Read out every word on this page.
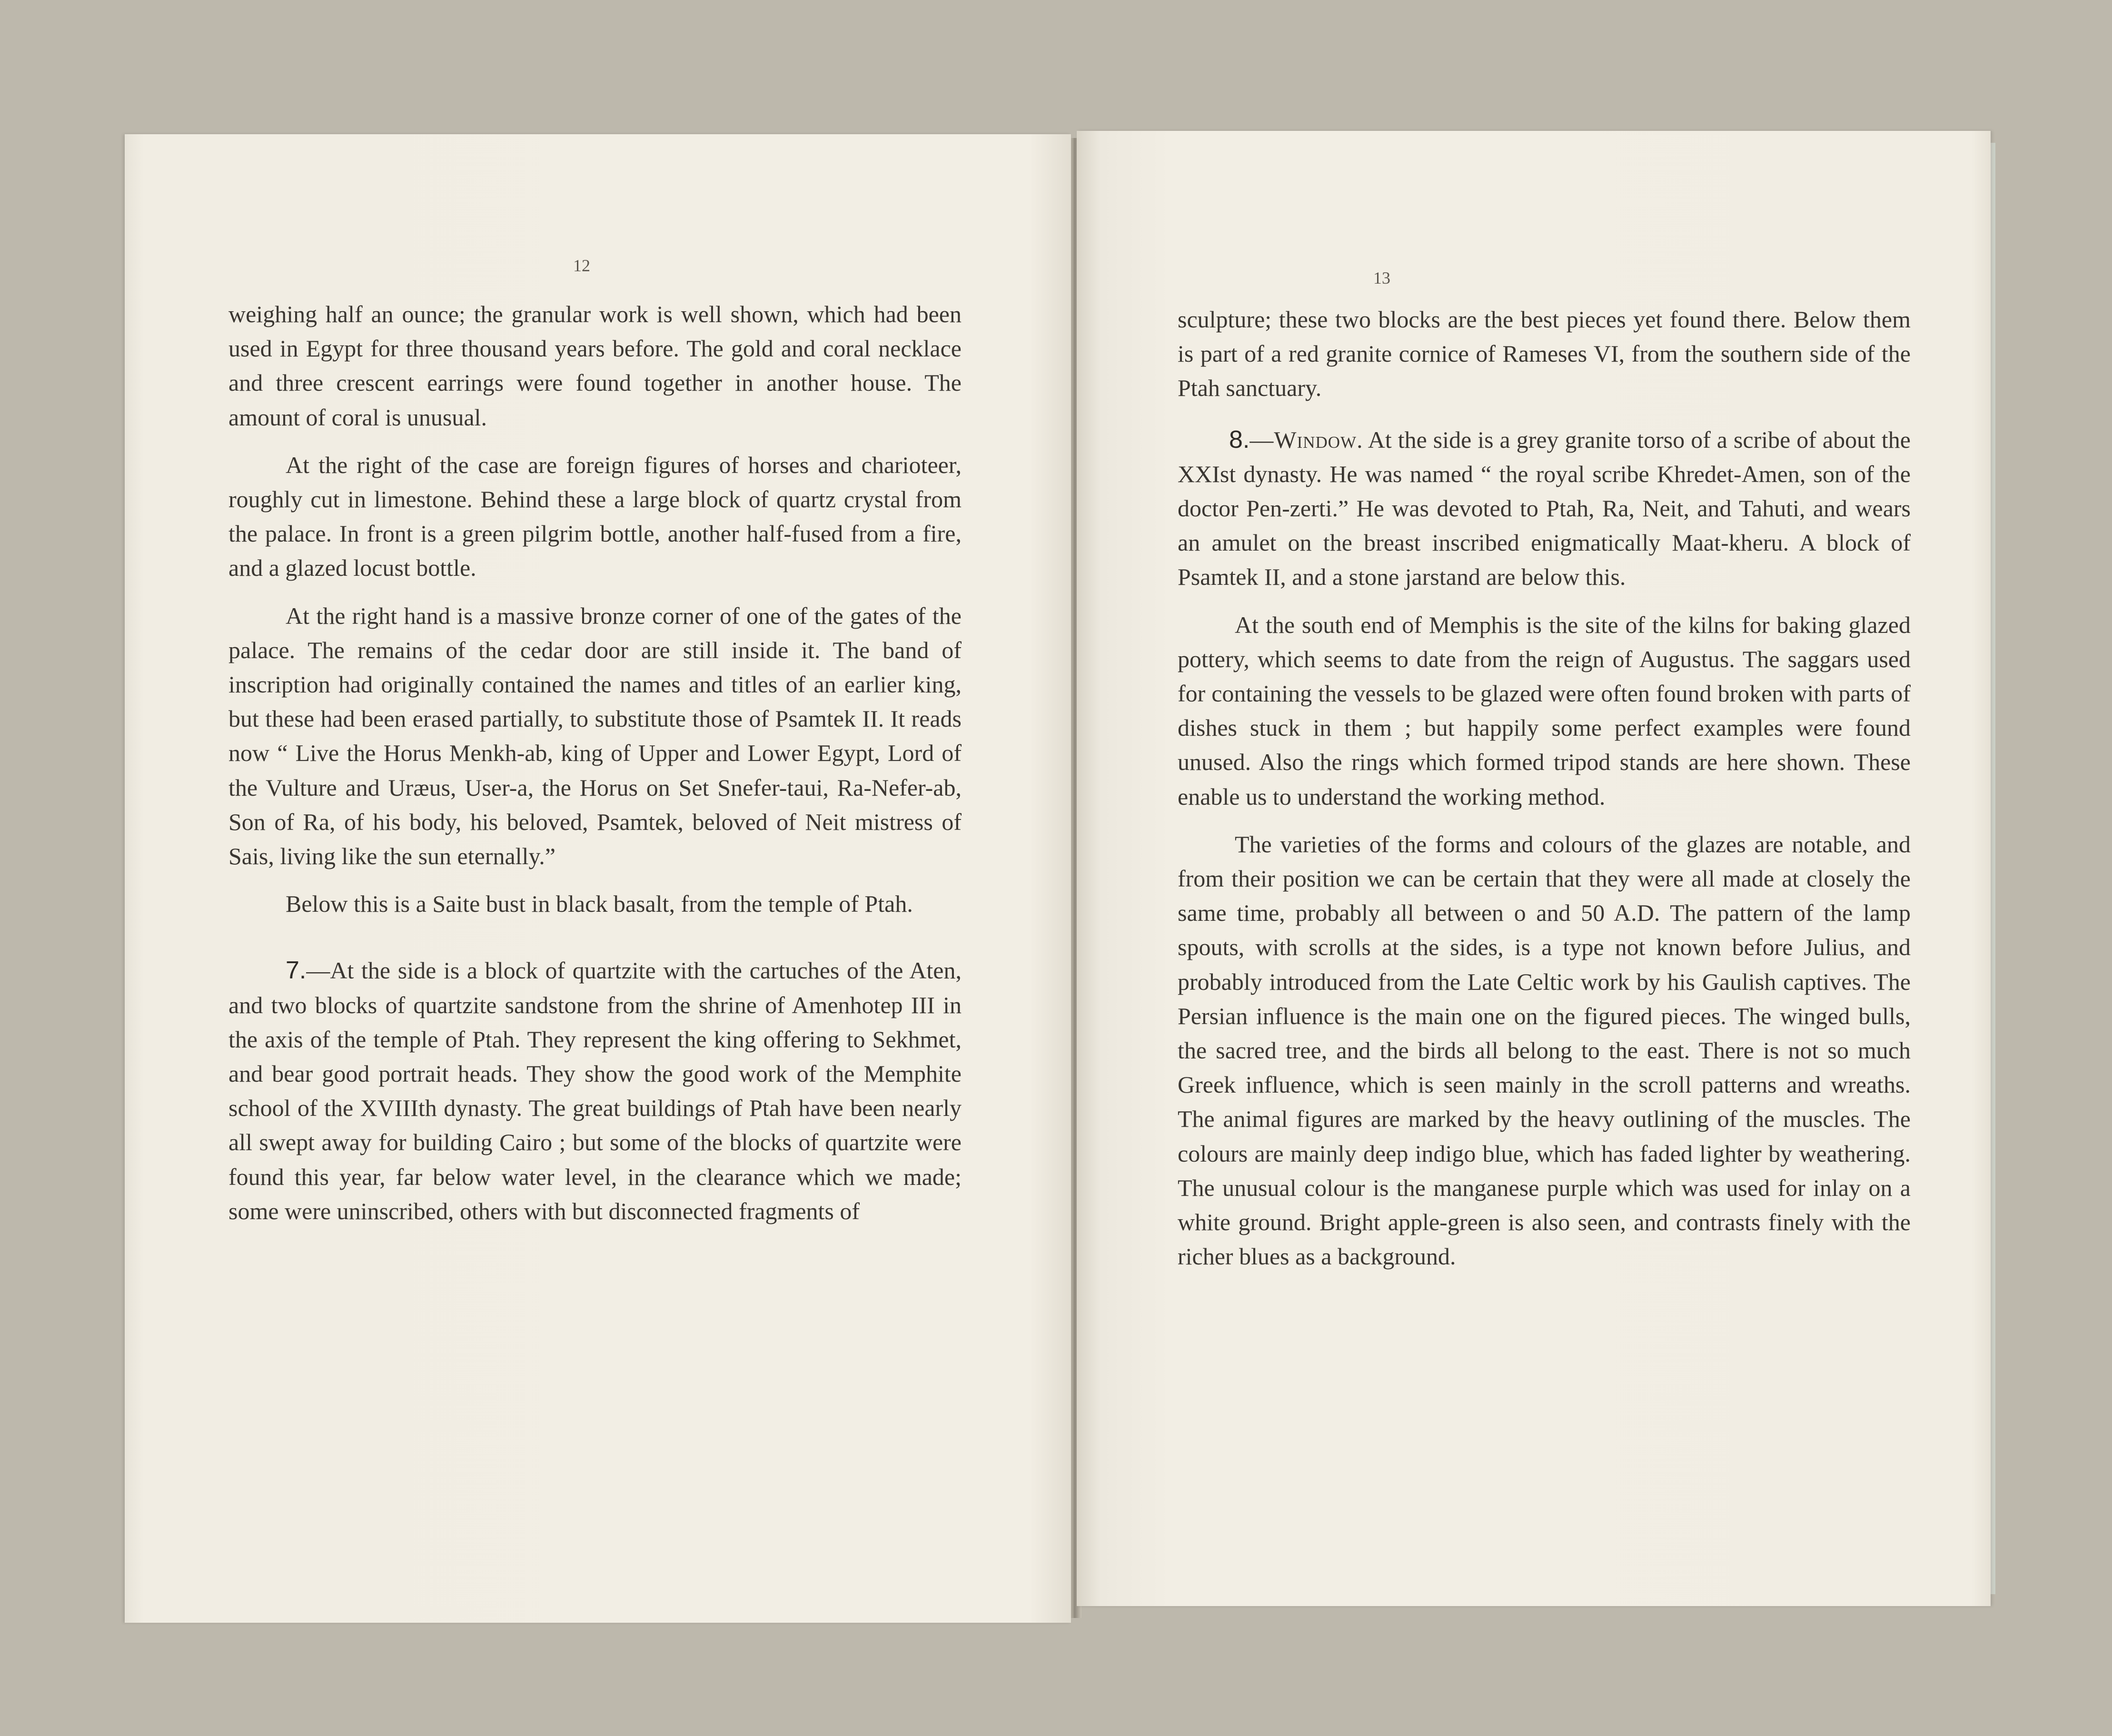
12

weighing half an ounce; the granular work is well shown, which had been used in Egypt for three thousand years before. The gold and coral necklace and three crescent earrings were found together in another house. The amount of coral is unusual.

At the right of the case are foreign figures of horses and charioteer, roughly cut in limestone. Behind these a large block of quartz crystal from the palace. In front is a green pilgrim bottle, another half-fused from a fire, and a glazed locust bottle.

At the right hand is a massive bronze corner of one of the gates of the palace. The remains of the cedar door are still inside it. The band of inscription had originally contained the names and titles of an earlier king, but these had been erased partially, to substitute those of Psamtek II. It reads now “ Live the Horus Menkh-ab, king of Upper and Lower Egypt, Lord of the Vulture and Uræus, User-a, the Horus on Set Snefer-taui, Ra-Nefer-ab, Son of Ra, of his body, his beloved, Psamtek, beloved of Neit mistress of Sais, living like the sun eternally.”

Below this is a Saite bust in black basalt, from the temple of Ptah.

7.—At the side is a block of quartzite with the cartuches of the Aten, and two blocks of quartzite sandstone from the shrine of Amenhotep III in the axis of the temple of Ptah. They represent the king offering to Sekhmet, and bear good portrait heads. They show the good work of the Memphite school of the XVIIIth dynasty. The great buildings of Ptah have been nearly all swept away for building Cairo ; but some of the blocks of quartzite were found this year, far below water level, in the clearance which we made; some were uninscribed, others with but disconnected fragments of

13

sculpture; these two blocks are the best pieces yet found there. Below them is part of a red granite cornice of Rameses VI, from the southern side of the Ptah sanctuary.

8.—Window. At the side is a grey granite torso of a scribe of about the XXIst dynasty. He was named “ the royal scribe Khredet-Amen, son of the doctor Pen-zerti.” He was devoted to Ptah, Ra, Neit, and Tahuti, and wears an amulet on the breast inscribed enigmatically Maat-kheru. A block of Psamtek II, and a stone jarstand are below this.

At the south end of Memphis is the site of the kilns for baking glazed pottery, which seems to date from the reign of Augustus. The saggars used for containing the vessels to be glazed were often found broken with parts of dishes stuck in them ; but happily some perfect examples were found unused. Also the rings which formed tripod stands are here shown. These enable us to understand the working method.

The varieties of the forms and colours of the glazes are notable, and from their position we can be certain that they were all made at closely the same time, probably all between o and 50 A.D. The pattern of the lamp spouts, with scrolls at the sides, is a type not known before Julius, and probably introduced from the Late Celtic work by his Gaulish captives. The Persian influence is the main one on the figured pieces. The winged bulls, the sacred tree, and the birds all belong to the east. There is not so much Greek influence, which is seen mainly in the scroll patterns and wreaths. The animal figures are marked by the heavy outlining of the muscles. The colours are mainly deep indigo blue, which has faded lighter by weathering. The unusual colour is the manganese purple which was used for inlay on a white ground. Bright apple-green is also seen, and contrasts finely with the richer blues as a background.
